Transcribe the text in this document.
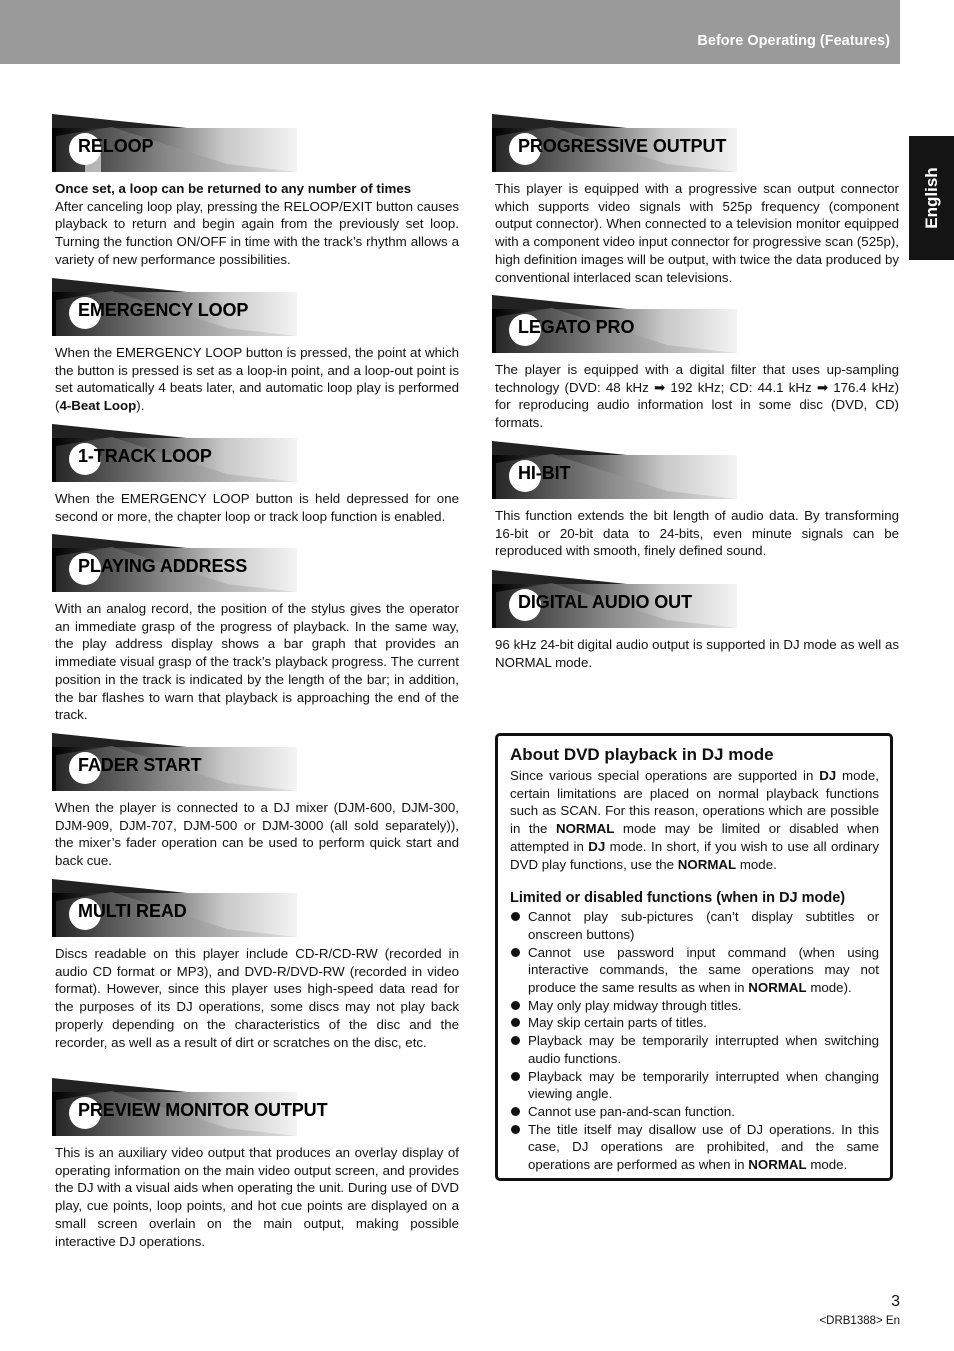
Before Operating (Features)
English
RELOOP

Once set, a loop can be returned to any number of times

After canceling loop play, pressing the RELOOP/EXIT button causes playback to return and begin again from the previously set loop. Turning the function ON/OFF in time with the track’s rhythm allows a variety of new performance possibilities.

EMERGENCY LOOP

When the EMERGENCY LOOP button is pressed, the point at which the button is pressed is set as a loop-in point, and a loop-out point is set automatically 4 beats later, and automatic loop play is performed (4-Beat Loop).

1-TRACK LOOP

When the EMERGENCY LOOP button is held depressed for one second or more, the chapter loop or track loop function is enabled.

PLAYING ADDRESS

With an analog record, the position of the stylus gives the operator an immediate grasp of the progress of playback. In the same way, the play address display shows a bar graph that provides an immediate visual grasp of the track’s playback progress. The current position in the track is indicated by the length of the bar; in addition, the bar flashes to warn that playback is approaching the end of the track.

FADER START

When the player is connected to a DJ mixer (DJM-600, DJM-300, DJM-909, DJM-707, DJM-500 or DJM-3000 (all sold separately)), the mixer’s fader operation can be used to perform quick start and back cue.

MULTI READ

Discs readable on this player include CD-R/CD-RW (recorded in audio CD format or MP3), and DVD-R/DVD-RW (recorded in video format). However, since this player uses high-speed data read for the purposes of its DJ operations, some discs may not play back properly depending on the characteristics of the disc and the recorder, as well as a result of dirt or scratches on the disc, etc.

PREVIEW MONITOR OUTPUT

This is an auxiliary video output that produces an overlay display of operating information on the main video output screen, and provides the DJ with a visual aids when operating the unit. During use of DVD play, cue points, loop points, and hot cue points are displayed on a small screen overlain on the main output, making possible interactive DJ operations.

PROGRESSIVE OUTPUT

This player is equipped with a progressive scan output connector which supports video signals with 525p frequency (component output connector). When connected to a television monitor equipped with a component video input connector for progressive scan (525p), high definition images will be output, with twice the data produced by conventional interlaced scan televisions.

LEGATO PRO

The player is equipped with a digital filter that uses up-sampling technology (DVD: 48 kHz ➡ 192 kHz; CD: 44.1 kHz ➡ 176.4 kHz) for reproducing audio information lost in some disc (DVD, CD) formats.

HI-BIT

This function extends the bit length of audio data. By transforming 16-bit or 20-bit data to 24-bits, even minute signals can be reproduced with smooth, finely defined sound.

DIGITAL AUDIO OUT

96 kHz 24-bit digital audio output is supported in DJ mode as well as NORMAL mode.

About DVD playback in DJ mode
Since various special operations are supported in DJ mode, certain limitations are placed on normal playback functions such as SCAN. For this reason, operations which are possible in the NORMAL mode may be limited or disabled when attempted in DJ mode. In short, if you wish to use all ordinary DVD play functions, use the NORMAL mode.
Limited or disabled functions (when in DJ mode)
Cannot play sub-pictures (can’t display subtitles or onscreen buttons)
Cannot use password input command (when using interactive commands, the same operations may not produce the same results as when in NORMAL mode).
May only play midway through titles.
May skip certain parts of titles.
Playback may be temporarily interrupted when switching audio functions.
Playback may be temporarily interrupted when changing viewing angle.
Cannot use pan-and-scan function.
The title itself may disallow use of DJ operations. In this case, DJ operations are prohibited, and the same operations are performed as when in NORMAL mode.
3
<DRB1388> En
